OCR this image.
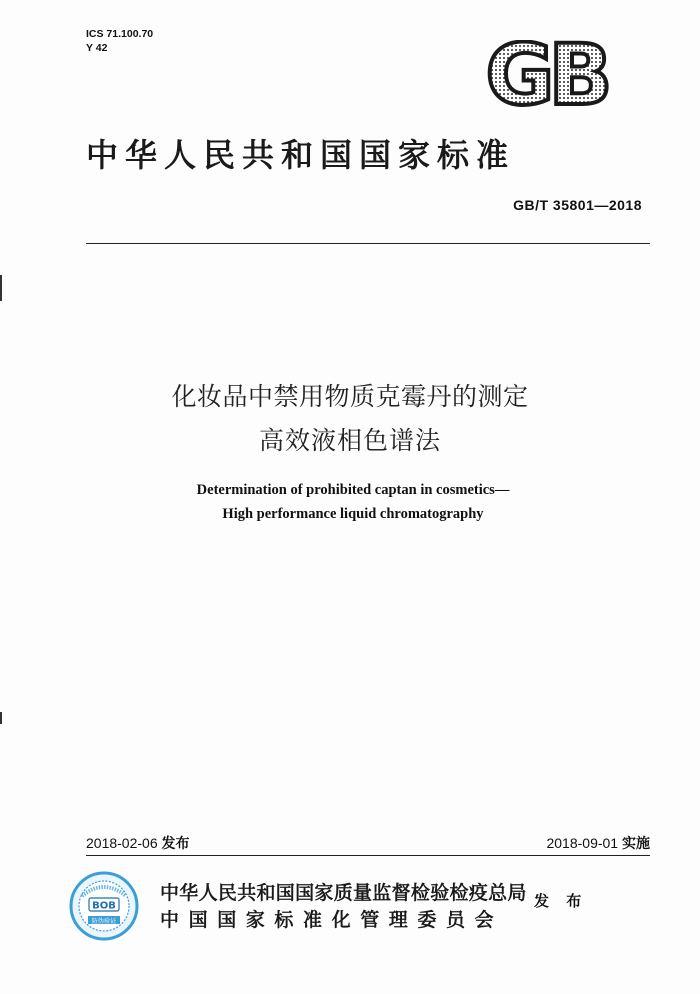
ICS 71.100.70
Y 42	GB
中华人民共和国国家标准
GB/T 35801—2018
化妆品中禁用物质克霉丹的测定
高效液相色谱法
Determination of prohibited captan in cosmetics—
High performance liquid chromatography
2018-02-06 发布	2018-09-01 实施
BOB
防伪验证
中华人民共和国国家质量监督检验检疫总局
中国国家标准化管理委员会
发 布
